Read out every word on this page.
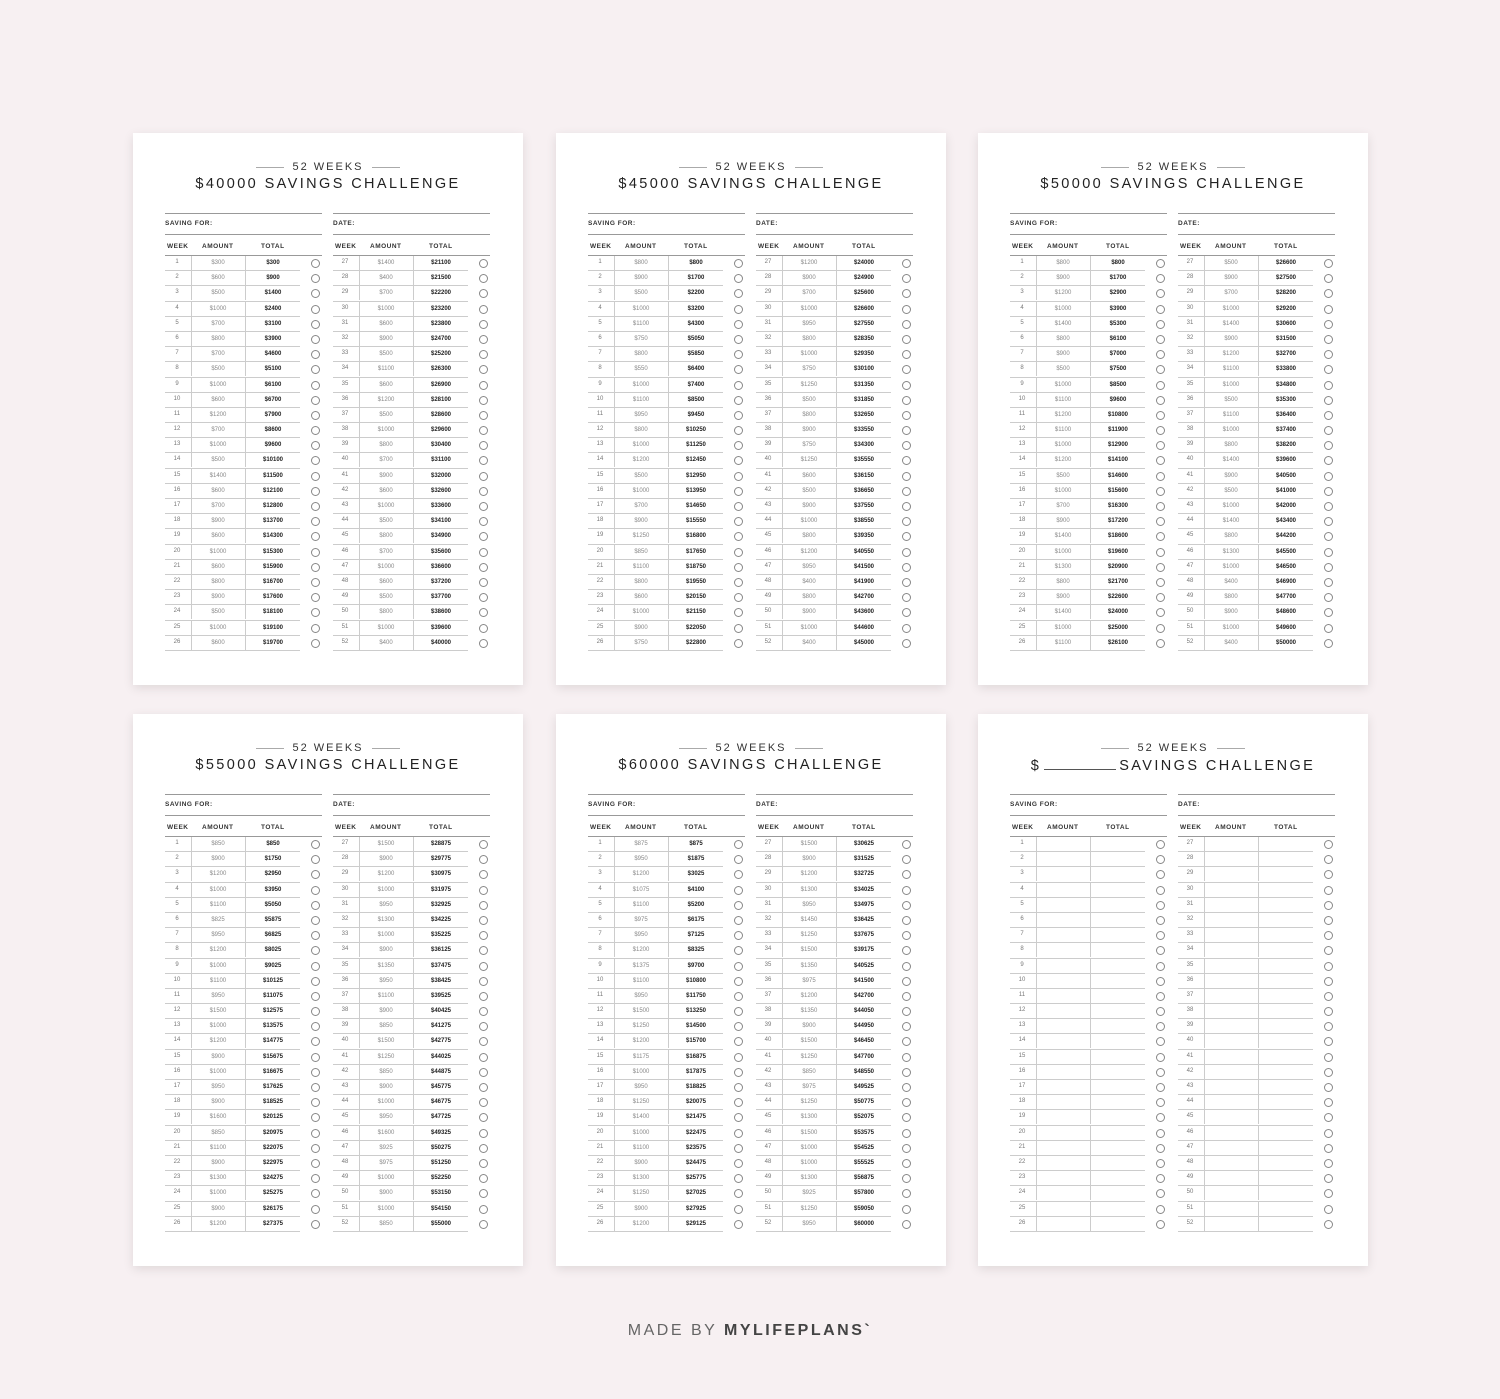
52 WEEKS
$40000 SAVINGS CHALLENGE
SAVING FOR:	DATE:
WEEK AMOUNT	TOTAL
1	$300	$300
2	$600	$900
3	$500	$1400
4	$1000	$2400
5	$700	$3100
6	$800	$3900
7	$700	$4600
8	$500	$5100
9	$1000	$6100
10	$600	$6700
11	$1200	$7900
12	$700	$8600
13	$1000	$9600
14	$500	$10100
15	$1400	$11500
16	$600	$12100
17	$700	$12800
18	$900	$13700
19	$600	$14300
20	$1000	$15300
21	$600	$15900
22	$800	$16700
23	$900	$17600
24	$500	$18100
25	$1000	$19100
26	$600	$19700
WEEK AMOUNT	TOTAL
27	$1400	$21100
28	$400	$21500
29	$700	$22200
30	$1000	$23200
31	$600	$23800
32	$900	$24700
33	$500	$25200
34	$1100	$26300
35	$600	$26900
36	$1200	$28100
37	$500	$28600
38	$1000	$29600
39	$800	$30400
40	$700	$31100
41	$900	$32000
42	$600	$32600
43	$1000	$33600
44	$500	$34100
45	$800	$34900
46	$700	$35600
47	$1000	$36600
48	$600	$37200
49	$500	$37700
50	$800	$38600
51	$1000	$39600
52	$400	$40000
52 WEEKS
$45000 SAVINGS CHALLENGE
SAVING FOR:	DATE:
WEEK AMOUNT	TOTAL
1	$800	$800
2	$900	$1700
3	$500	$2200
4	$1000	$3200
5	$1100	$4300
6	$750	$5050
7	$800	$5850
8	$550	$6400
9	$1000	$7400
10	$1100	$8500
11	$950	$9450
12	$800	$10250
13	$1000	$11250
14	$1200	$12450
15	$500	$12950
16	$1000	$13950
17	$700	$14650
18	$900	$15550
19	$1250	$16800
20	$850	$17650
21	$1100	$18750
22	$800	$19550
23	$600	$20150
24	$1000	$21150
25	$900	$22050
26	$750	$22800
WEEK AMOUNT	TOTAL
27	$1200	$24000
28	$900	$24900
29	$700	$25600
30	$1000	$26600
31	$950	$27550
32	$800	$28350
33	$1000	$29350
34	$750	$30100
35	$1250	$31350
36	$500	$31850
37	$800	$32650
38	$900	$33550
39	$750	$34300
40	$1250	$35550
41	$600	$36150
42	$500	$36650
43	$900	$37550
44	$1000	$38550
45	$800	$39350
46	$1200	$40550
47	$950	$41500
48	$400	$41900
49	$800	$42700
50	$900	$43600
51	$1000	$44600
52	$400	$45000
52 WEEKS
$50000 SAVINGS CHALLENGE
SAVING FOR:	DATE:
WEEK AMOUNT	TOTAL
1	$800	$800
2	$900	$1700
3	$1200	$2900
4	$1000	$3900
5	$1400	$5300
6	$800	$6100
7	$900	$7000
8	$500	$7500
9	$1000	$8500
10	$1100	$9600
11	$1200	$10800
12	$1100	$11900
13	$1000	$12900
14	$1200	$14100
15	$500	$14600
16	$1000	$15600
17	$700	$16300
18	$900	$17200
19	$1400	$18600
20	$1000	$19600
21	$1300	$20900
22	$800	$21700
23	$900	$22600
24	$1400	$24000
25	$1000	$25000
26	$1100	$26100
WEEK AMOUNT	TOTAL
27	$500	$26600
28	$900	$27500
29	$700	$28200
30	$1000	$29200
31	$1400	$30600
32	$900	$31500
33	$1200	$32700
34	$1100	$33800
35	$1000	$34800
36	$500	$35300
37	$1100	$36400
38	$1000	$37400
39	$800	$38200
40	$1400	$39600
41	$900	$40500
42	$500	$41000
43	$1000	$42000
44	$1400	$43400
45	$800	$44200
46	$1300	$45500
47	$1000	$46500
48	$400	$46900
49	$800	$47700
50	$900	$48600
51	$1000	$49600
52	$400	$50000
52 WEEKS
$55000 SAVINGS CHALLENGE
SAVING FOR:	DATE:
WEEK AMOUNT	TOTAL
1	$850	$850
2	$900	$1750
3	$1200	$2950
4	$1000	$3950
5	$1100	$5050
6	$825	$5875
7	$950	$6825
8	$1200	$8025
9	$1000	$9025
10	$1100	$10125
11	$950	$11075
12	$1500	$12575
13	$1000	$13575
14	$1200	$14775
15	$900	$15675
16	$1000	$16675
17	$950	$17625
18	$900	$18525
19	$1600	$20125
20	$850	$20975
21	$1100	$22075
22	$900	$22975
23	$1300	$24275
24	$1000	$25275
25	$900	$26175
26	$1200	$27375
WEEK AMOUNT	TOTAL
27	$1500	$28875
28	$900	$29775
29	$1200	$30975
30	$1000	$31975
31	$950	$32925
32	$1300	$34225
33	$1000	$35225
34	$900	$36125
35	$1350	$37475
36	$950	$38425
37	$1100	$39525
38	$900	$40425
39	$850	$41275
40	$1500	$42775
41	$1250	$44025
42	$850	$44875
43	$900	$45775
44	$1000	$46775
45	$950	$47725
46	$1600	$49325
47	$925	$50275
48	$975	$51250
49	$1000	$52250
50	$900	$53150
51	$1000	$54150
52	$850	$55000
52 WEEKS
$60000 SAVINGS CHALLENGE
SAVING FOR:	DATE:
WEEK AMOUNT	TOTAL
1	$875	$875
2	$950	$1875
3	$1200	$3025
4	$1075	$4100
5	$1100	$5200
6	$975	$6175
7	$950	$7125
8	$1200	$8325
9	$1375	$9700
10	$1100	$10800
11	$950	$11750
12	$1500	$13250
13	$1250	$14500
14	$1200	$15700
15	$1175	$16875
16	$1000	$17875
17	$950	$18825
18	$1250	$20075
19	$1400	$21475
20	$1000	$22475
21	$1100	$23575
22	$900	$24475
23	$1300	$25775
24	$1250	$27025
25	$900	$27925
26	$1200	$29125
WEEK AMOUNT	TOTAL
27	$1500	$30625
28	$900	$31525
29	$1200	$32725
30	$1300	$34025
31	$950	$34975
32	$1450	$36425
33	$1250	$37675
34	$1500	$39175
35	$1350	$40525
36	$975	$41500
37	$1200	$42700
38	$1350	$44050
39	$900	$44950
40	$1500	$46450
41	$1250	$47700
42	$850	$48550
43	$975	$49525
44	$1250	$50775
45	$1300	$52075
46	$1500	$53575
47	$1000	$54525
48	$1000	$55525
49	$1300	$56875
50	$925	$57800
51	$1250	$59050
52	$950	$60000
52 WEEKS
$	SAVINGS CHALLENGE
SAVING FOR:	DATE:
WEEK AMOUNT	TOTAL
1
2
3
4
5
6
7
8
9
10
11
12
13
14
15
16
17
18
19
20
21
22
23
24
25
26
WEEK AMOUNT	TOTAL
27
28
29
30
31
32
33
34
35
36
37
38
39
40
41
42
43
44
45
46
47
48
49
50
51
52
MADE BY MYLIFEPLANS`
